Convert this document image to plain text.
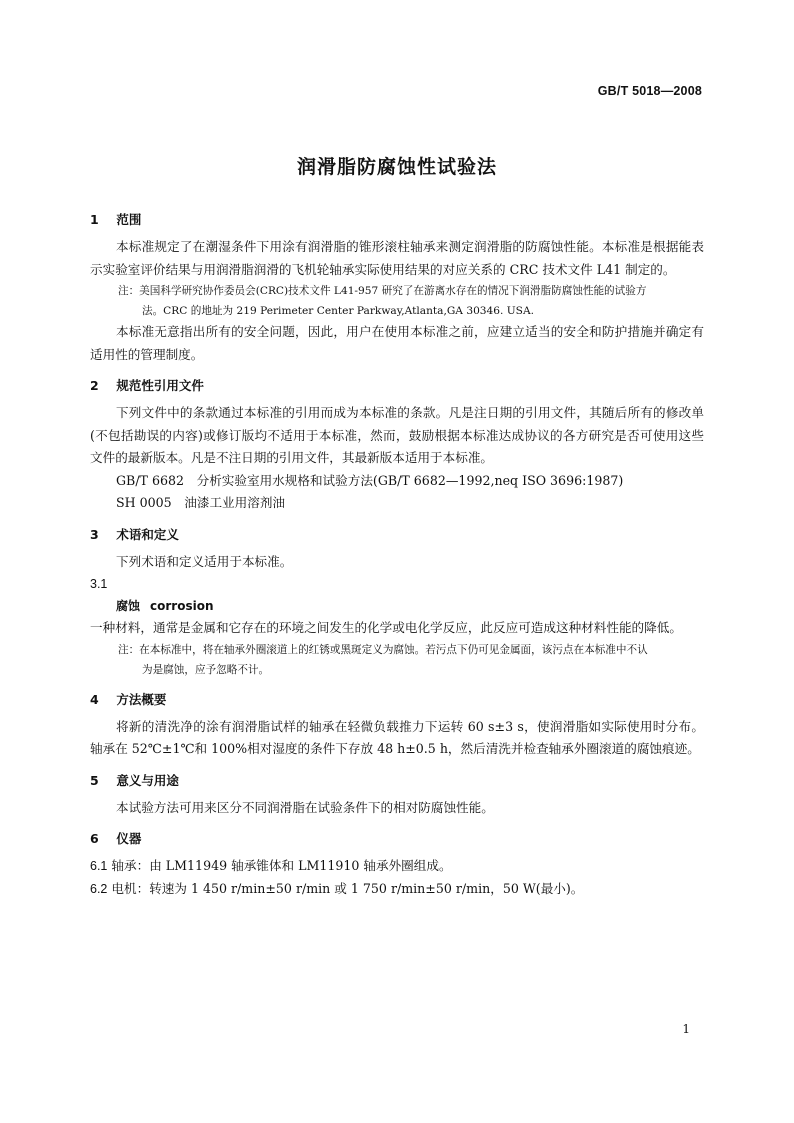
GB/T 5018—2008
润滑脂防腐蚀性试验法
1 范围

本标准规定了在潮湿条件下用涂有润滑脂的锥形滚柱轴承来测定润滑脂的防腐蚀性能。本标准是根据能表示实验室评价结果与用润滑脂润滑的飞机轮轴承实际使用结果的对应关系的 CRC 技术文件 L41 制定的。

注：美国科学研究协作委员会(CRC)技术文件 L41-957 研究了在游离水存在的情况下润滑脂防腐蚀性能的试验方
法。CRC 的地址为 219 Perimeter Center Parkway,Atlanta,GA 30346. USA.

本标准无意指出所有的安全问题，因此，用户在使用本标准之前，应建立适当的安全和防护措施并确定有适用性的管理制度。

2 规范性引用文件

下列文件中的条款通过本标准的引用而成为本标准的条款。凡是注日期的引用文件，其随后所有的修改单(不包括勘误的内容)或修订版均不适用于本标准，然而，鼓励根据本标准达成协议的各方研究是否可使用这些文件的最新版本。凡是不注日期的引用文件，其最新版本适用于本标准。

GB/T 6682　分析实验室用水规格和试验方法(GB/T 6682—1992,neq ISO 3696:1987)
SH 0005　油漆工业用溶剂油
3 术语和定义

下列术语和定义适用于本标准。

3.1
腐蚀 corrosion

一种材料，通常是金属和它存在的环境之间发生的化学或电化学反应，此反应可造成这种材料性能的降低。

注：在本标准中，将在轴承外圈滚道上的红锈或黑斑定义为腐蚀。若污点下仍可见金属面，该污点在本标准中不认
为是腐蚀，应予忽略不计。
4 方法概要

将新的清洗净的涂有润滑脂试样的轴承在轻微负载推力下运转 60 s±3 s，使润滑脂如实际使用时分布。轴承在 52℃±1℃和 100%相对湿度的条件下存放 48 h±0.5 h，然后清洗并检查轴承外圈滚道的腐蚀痕迹。

5 意义与用途

本试验方法可用来区分不同润滑脂在试验条件下的相对防腐蚀性能。

6 仪器

6.1 轴承：由 LM11949 轴承锥体和 LM11910 轴承外圈组成。

6.2 电机：转速为 1 450 r/min±50 r/min 或 1 750 r/min±50 r/min，50 W(最小)。

1
